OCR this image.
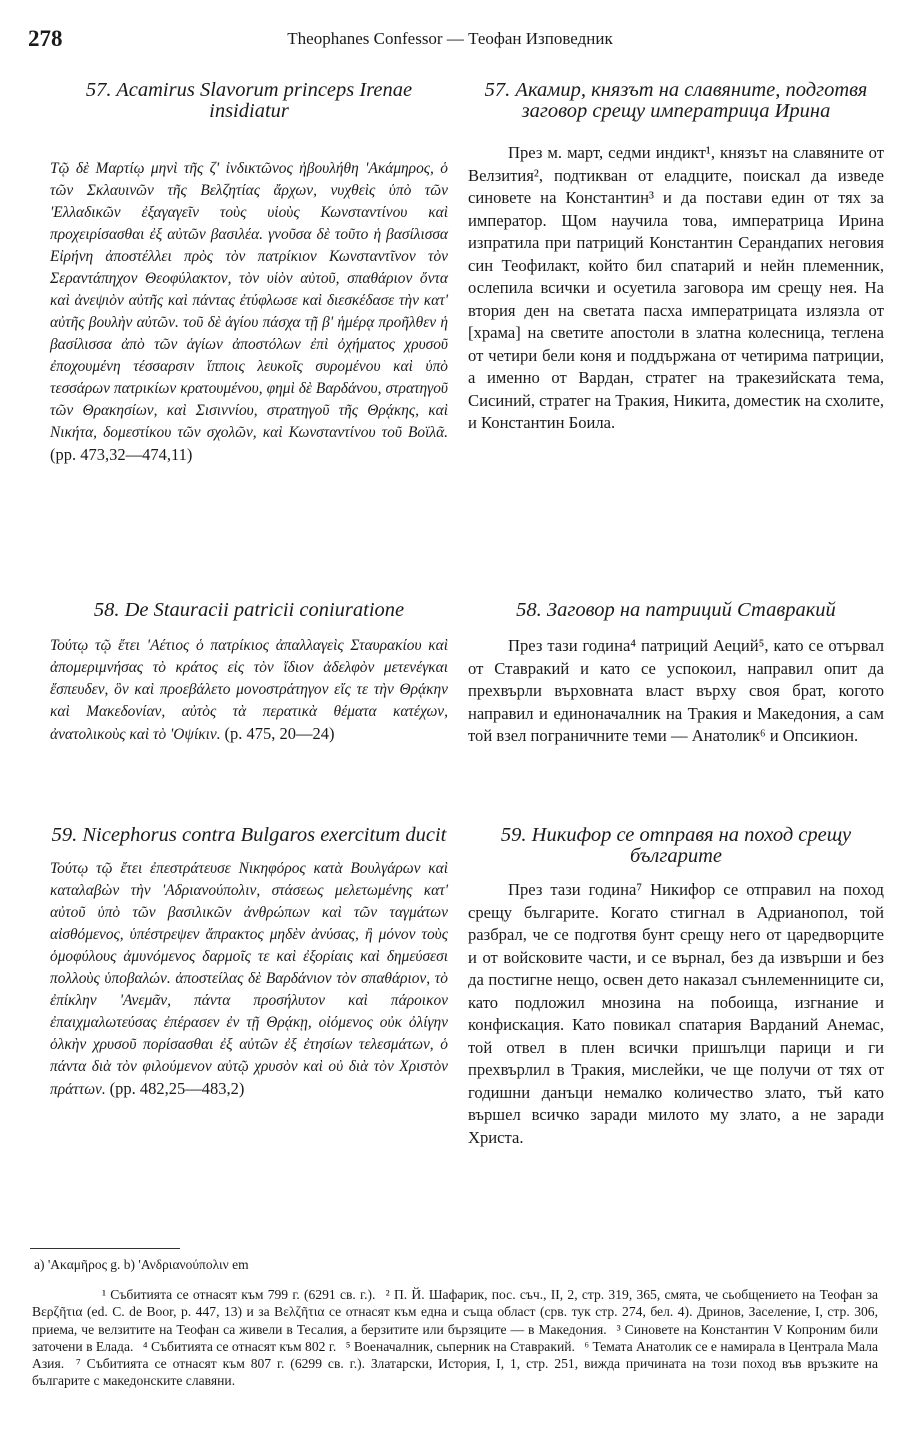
278	Theophanes Confessor — Теофан Изповедник
57. Acamirus Slavorum princeps Irenae insidiatur

Τῷ δὲ Μαρτίῳ μηνὶ τῆς ζ' ἰνδικτῶνος ἠβουλήθη 'Ακάμηρος, ὁ τῶν Σκλαυινῶν τῆς Βελζητίας ἄρχων, νυχθεὶς ὑπὸ τῶν 'Ελλαδικῶν ἐξαγαγεῖν τοὺς υἱοὺς Κωνσταντίνου καὶ προχειρίσασθαι ἐξ αὐτῶν βασιλέα. γνοῦσα δὲ τοῦτο ἡ βασίλισσα Εἰρήνη ἀποστέλλει πρὸς τὸν πατρίκιον Κωνσταντῖνον τὸν Σεραντάπηχον Θεοφύλακτον, τὸν υἱὸν αὐτοῦ, σπαθάριον ὄντα καὶ ἀνεψιὸν αὐτῆς καὶ πάντας ἐτύφλωσε καὶ διεσκέδασε τὴν κατ' αὐτῆς βουλὴν αὐτῶν. τοῦ δὲ ἁγίου πάσχα τῇ β' ἡμέρᾳ προῆλθεν ἡ βασίλισσα ἀπὸ τῶν ἁγίων ἀποστόλων ἐπὶ ὀχήματος χρυσοῦ ἐποχουμένη τέσσαρσιν ἵπποις λευκοῖς συρομένου καὶ ὑπὸ τεσσάρων πατρικίων κρατουμένου, φημὶ δὲ Βαρδάνου, στρατηγοῦ τῶν Θρακησίων, καὶ Σισιννίου, στρατηγοῦ τῆς Θρᾴκης, καὶ Νικήτα, δομεστίκου τῶν σχολῶν, καὶ Κωνσταντίνου τοῦ Βοϊλᾶ. (pp. 473,32—474,11)

58. De Stauracii patricii coniuratione

Τούτῳ τῷ ἔτει 'Αέτιος ὁ πατρίκιος ἀπαλλαγεὶς Σταυρακίου καὶ ἀπομεριμνήσας τὸ κράτος εἰς τὸν ἴδιον ἀδελφὸν μετενέγκαι ἔσπευδεν, ὃν καὶ προεβάλετο μονοστράτηγον εἴς τε τὴν Θρᾴκην καὶ Μακεδονίαν, αὐτὸς τὰ περατικὰ θέματα κατέχων, ἀνατολικοὺς καὶ τὸ 'Οψίκιν. (p. 475, 20—24)

59. Nicephorus contra Bulgaros exercitum ducit

Τούτῳ τῷ ἔτει ἐπεστράτευσε Νικηφόρος κατὰ Βουλγάρων καὶ καταλαβὼν τὴν 'Αδριανούπολιν, στάσεως μελετωμένης κατ' αὐτοῦ ὑπὸ τῶν βασιλικῶν ἀνθρώπων καὶ τῶν ταγμάτων αἰσθόμενος, ὑπέστρεψεν ἄπρακτος μηδὲν ἀνύσας, ἢ μόνον τοὺς ὁμοφύλους ἀμυνόμενος δαρμοῖς τε καὶ ἐξορίαις καὶ δημεύσεσι πολλοὺς ὑποβαλών. ἀποστείλας δὲ Βαρδάνιον τὸν σπαθάριον, τὸ ἐπίκλην 'Ανεμᾶν, πάντα προσήλυτον καὶ πάροικον ἐπαιχμαλωτεύσας ἐπέρασεν ἐν τῇ Θρᾴκῃ, οἰόμενος οὐκ ὀλίγην ὁλκὴν χρυσοῦ πορίσασθαι ἐξ αὐτῶν ἐξ ἐτησίων τελεσμάτων, ὁ πάντα διὰ τὸν φιλούμενον αὐτῷ χρυσὸν καὶ οὐ διὰ τὸν Χριστὸν πράττων. (pp. 482,25—483,2)

57. Акамир, князът на славяните, подготвя заговор срещу императрица Ирина

През м. март, седми индикт¹, князът на славяните от Велзития², подтикван от еладците, поискал да изведе синовете на Константин³ и да постави един от тях за император. Щом научила това, императрица Ирина изпратила при патриций Константин Серандапих неговия син Теофилакт, който бил спатарий и нейн племенник, ослепила всички и осуетила заговора им срещу нея. На втория ден на светата пасха императрицата излязла от [храма] на светите апостоли в златна колесница, теглена от четири бели коня и поддържана от четирима патриции, а именно от Вардан, стратег на тракезийската тема, Сисиний, стратег на Тракия, Никита, доместик на схолите, и Константин Боила.

58. Заговор на патриций Ставракий

През тази година⁴ патриций Аеций⁵, като се отървал от Ставракий и като се успокоил, направил опит да прехвърли върховната власт върху своя брат, когото направил и единоначалник на Тракия и Македония, а сам той взел пограничните теми — Анатолик⁶ и Опсикион.

59. Никифор се отправя на поход срещу българите

През тази година⁷ Никифор се отправил на поход срещу българите. Когато стигнал в Адрианопол, той разбрал, че се подготвя бунт срещу него от царедворците и от войсковите части, и се върнал, без да извърши и без да постигне нещо, освен дето наказал сънлеменниците си, като подложил мнозина на побоища, изгнание и конфискация. Като повикал спатария Варданий Анемас, той отвел в плен всички пришълци парици и ги прехвърлил в Тракия, мислейки, че ще получи от тях от годишни данъци немалко количество злато, тъй като вършел всичко заради милото му злато, а не заради Христа.

a) 'Ακαμῆρος g. b) 'Ανδριανούπολιν em

¹ Събитията се отнасят към 799 г. (6291 св. г.). ² П. Й. Шафарик, пос. съч., II, 2, стр. 319, 365, смята, че сьобщението на Теофан за Βερζῆτια (ed. C. de Boor, р. 447, 13) и за Βελζῆτια се отнасят към една и съща област (срв. тук стр. 274, бел. 4). Дринов, Заселение, I, стр. 306, приема, че велзитите на Теофан са живели в Тесалия, а берзитите или бързяците — в Македония. ³ Синовете на Константин V Копроним били заточени в Елада. ⁴ Събитията се отнасят към 802 г. ⁵ Военачалник, сьперник на Ставракий. ⁶ Темата Анатолик се е намирала в Централа Мала Азия. ⁷ Събитията се отнасят към 807 г. (6299 св. г.). Златарски, История, I, 1, стр. 251, вижда причината на този поход във връзките на българите с македонските славяни.
